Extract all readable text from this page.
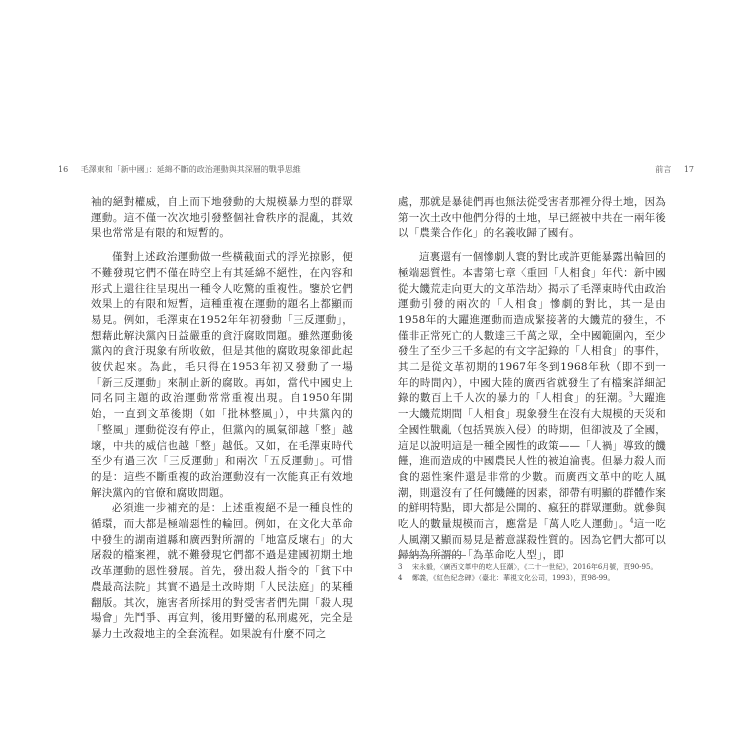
16 毛澤東和「新中國」：延綿不斷的政治運動與其深層的戰爭思維

袖的絕對權威，自上而下地發動的大規模暴力型的群眾運動。這不僅一次次地引發整個社會秩序的混亂，其效果也常常是有限的和短暫的。

僅對上述政治運動做一些橫截面式的浮光掠影，便不難發現它們不僅在時空上有其延綿不絕性，在內容和形式上還往往呈現出一種令人吃驚的重複性。鑒於它們效果上的有限和短暫，這種重複在運動的題名上都顯而易見。例如，毛澤東在1952年年初發動「三反運動」，想藉此解決黨內日益嚴重的貪汙腐敗問題。雖然運動後黨內的貪汙現象有所收斂，但是其他的腐敗現象卻此起彼伏起來。為此，毛只得在1953年初又發動了一場「新三反運動」來制止新的腐敗。再如，當代中國史上同名同主題的政治運動常常重複出現。自1950年開始，一直到文革後期（如「批林整風」），中共黨內的「整風」運動從沒有停止，但黨內的風氣卻越「整」越壞，中共的威信也越「整」越低。又如，在毛澤東時代至少有過三次「三反運動」和兩次「五反運動」。可惜的是：這些不斷重複的政治運動沒有一次能真正有效地解決黨內的官僚和腐敗問題。

必須進一步補充的是：上述重複絕不是一種良性的循環，而大都是極端惡性的輪回。例如，在文化大革命中發生的湖南道縣和廣西對所謂的「地富反壞右」的大屠殺的檔案裡，就不難發現它們都不過是建國初期土地改革運動的恩性發展。首先，發出殺人指令的「貧下中農最高法院」其實不過是土改時期「人民法庭」的某種翻版。其次，施害者所採用的對受害者們先開「殺人現場會」先鬥爭、再宣判，後用野蠻的私刑處死，完全是暴力土改殺地主的全套流程。如果說有什麼不同之

前言 17

處，那就是暴徒們再也無法從受害者那裡分得土地，因為第一次土改中他們分得的土地，早已經被中共在一兩年後以「農業合作化」的名義收歸了國有。

這裏還有一個慘劇人寰的對比或許更能暴露出輪回的極端惡質性。本書第七章〈重回「人相食」年代：新中國從大饑荒走向更大的文革浩劫〉揭示了毛澤東時代由政治運動引發的兩次的「人相食」慘劇的對比，其一是由1958年的大躍進運動而造成緊接著的大饑荒的發生，不僅非正常死亡的人數達三千萬之眾，全中國範圍內，至少發生了至少三千多起的有文字記錄的「人相食」的事件，其二是從文革初期的1967年冬到1968年秋（即不到一年的時間內），中國大陸的廣西省就發生了有檔案詳細記錄的數百上千人次的暴力的「人相食」的狂潮。$^3$大躍進一大饑荒期間「人相食」現象發生在沒有大規模的天災和全國性戰亂（包括異族入侵）的時期，但卻波及了全國，這足以說明這是一種全國性的政策——「人禍」導致的饑饉，進而造成的中國農民人性的被迫淪喪。但暴力殺人而食的惡性案件還是非常的少數。而廣西文革中的吃人風潮，則還沒有了任何饑饉的因素，卻帶有明顯的群體作案的鮮明特點，即大都是公開的、瘋狂的群眾運動。就參與吃人的數量規模而言，應當是「萬人吃人運動」。$^4$這一吃人風潮又顯而易見是蓄意謀殺性質的。因為它們大都可以歸納為所謂的「為革命吃人型」，即

3	宋永毅，〈廣西文革中的吃人狂潮〉，《二十一世紀》，2016年6月號，頁90-95。
4	鄭義，《紅色紀念碑》（臺北：華視文化公司，1993），頁98-99。
